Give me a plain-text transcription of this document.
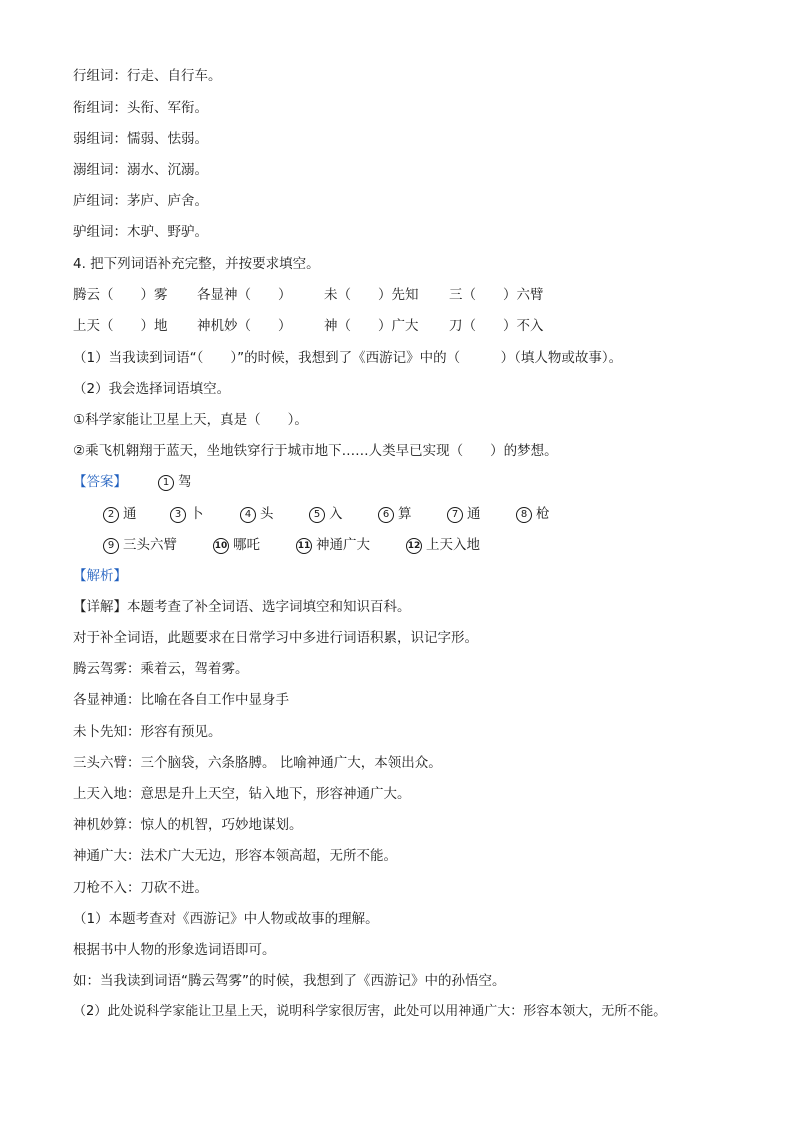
行组词：行走、自行车。
衔组词：头衔、军衔。
弱组词：懦弱、怯弱。
溺组词：溺水、沉溺。
庐组词：茅庐、庐舍。
驴组词：木驴、野驴。
4. 把下列词语补充完整，并按要求填空。
腾云（　　）雾 各显神（　　） 未（　　）先知 三（　　）六臂
上天（　　）地 神机妙（　　） 神（　　）广大 刀（　　）不入
（1）当我读到词语“（　　）”的时候，我想到了《西游记》中的（　　　）（填人物或故事）。
（2）我会选择词语填空。
①科学家能让卫星上天，真是（　　）。
②乘飞机翱翔于蓝天，坐地铁穿行于城市地下……人类早已实现（　　）的梦想。
【答案】	1 驾
2 通	3 卜	4 头	5 入	6 算	7 通	8 枪
9 三头六臂	10 哪吒	11 神通广大	12 上天入地
【解析】
【详解】本题考查了补全词语、选字词填空和知识百科。
对于补全词语，此题要求在日常学习中多进行词语积累，识记字形。
腾云驾雾：乘着云，驾着雾。
各显神通：比喻在各自工作中显身手
未卜先知：形容有预见。
三头六臂：三个脑袋，六条胳膊。 比喻神通广大，本领出众。
上天入地：意思是升上天空，钻入地下，形容神通广大。
神机妙算：惊人的机智，巧妙地谋划。
神通广大：法术广大无边，形容本领高超，无所不能。
刀枪不入：刀砍不进。
（1）本题考查对《西游记》中人物或故事的理解。
根据书中人物的形象选词语即可。
如：当我读到词语“腾云驾雾”的时候，我想到了《西游记》中的孙悟空。
（2）此处说科学家能让卫星上天，说明科学家很厉害，此处可以用神通广大：形容本领大，无所不能。
